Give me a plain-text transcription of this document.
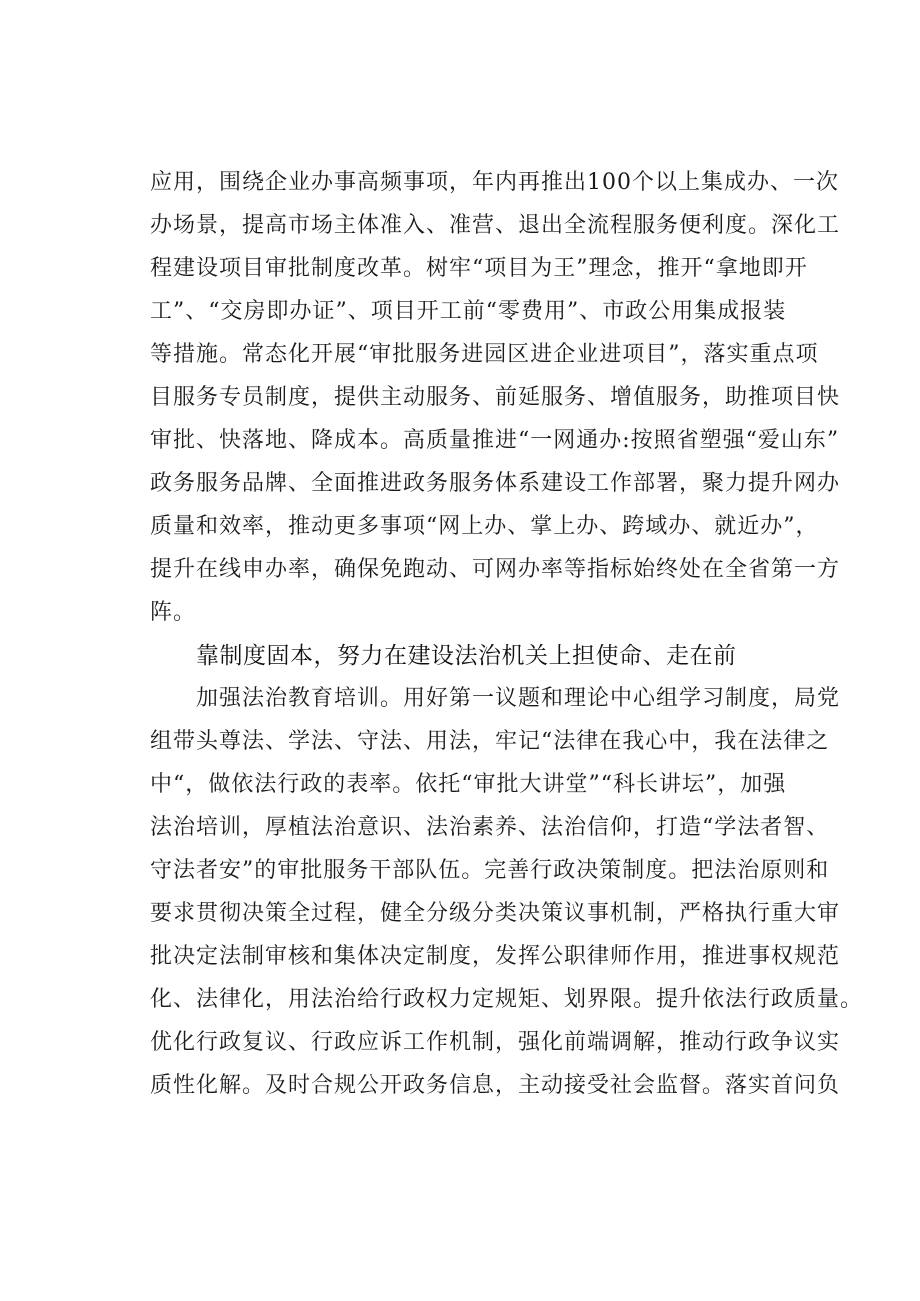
应用，围绕企业办事高频事项，年内再推出100个以上集成办、一次
办场景，提高市场主体准入、准营、退出全流程服务便利度。深化工
程建设项目审批制度改革。树牢“项目为王”理念，推开“拿地即开
工”、“交房即办证”、项目开工前“零费用”、市政公用集成报装
等措施。常态化开展“审批服务进园区进企业进项目”，落实重点项
目服务专员制度，提供主动服务、前延服务、增值服务，助推项目快
审批、快落地、降成本。高质量推进“一网通办:按照省塑强“爱山东”
政务服务品牌、全面推进政务服务体系建设工作部署，聚力提升网办
质量和效率，推动更多事项“网上办、掌上办、跨域办、就近办”，
提升在线申办率，确保免跑动、可网办率等指标始终处在全省第一方
阵。
靠制度固本，努力在建设法治机关上担使命、走在前
加强法治教育培训。用好第一议题和理论中心组学习制度，局党
组带头尊法、学法、守法、用法，牢记“法律在我心中，我在法律之
中“，做依法行政的表率。依托“审批大讲堂”“科长讲坛”，加强
法治培训，厚植法治意识、法治素养、法治信仰，打造“学法者智、
守法者安”的审批服务干部队伍。完善行政决策制度。把法治原则和
要求贯彻决策全过程，健全分级分类决策议事机制，严格执行重大审
批决定法制审核和集体决定制度，发挥公职律师作用，推进事权规范
化、法律化，用法治给行政权力定规矩、划界限。提升依法行政质量。
优化行政复议、行政应诉工作机制，强化前端调解，推动行政争议实
质性化解。及时合规公开政务信息，主动接受社会监督。落实首问负
